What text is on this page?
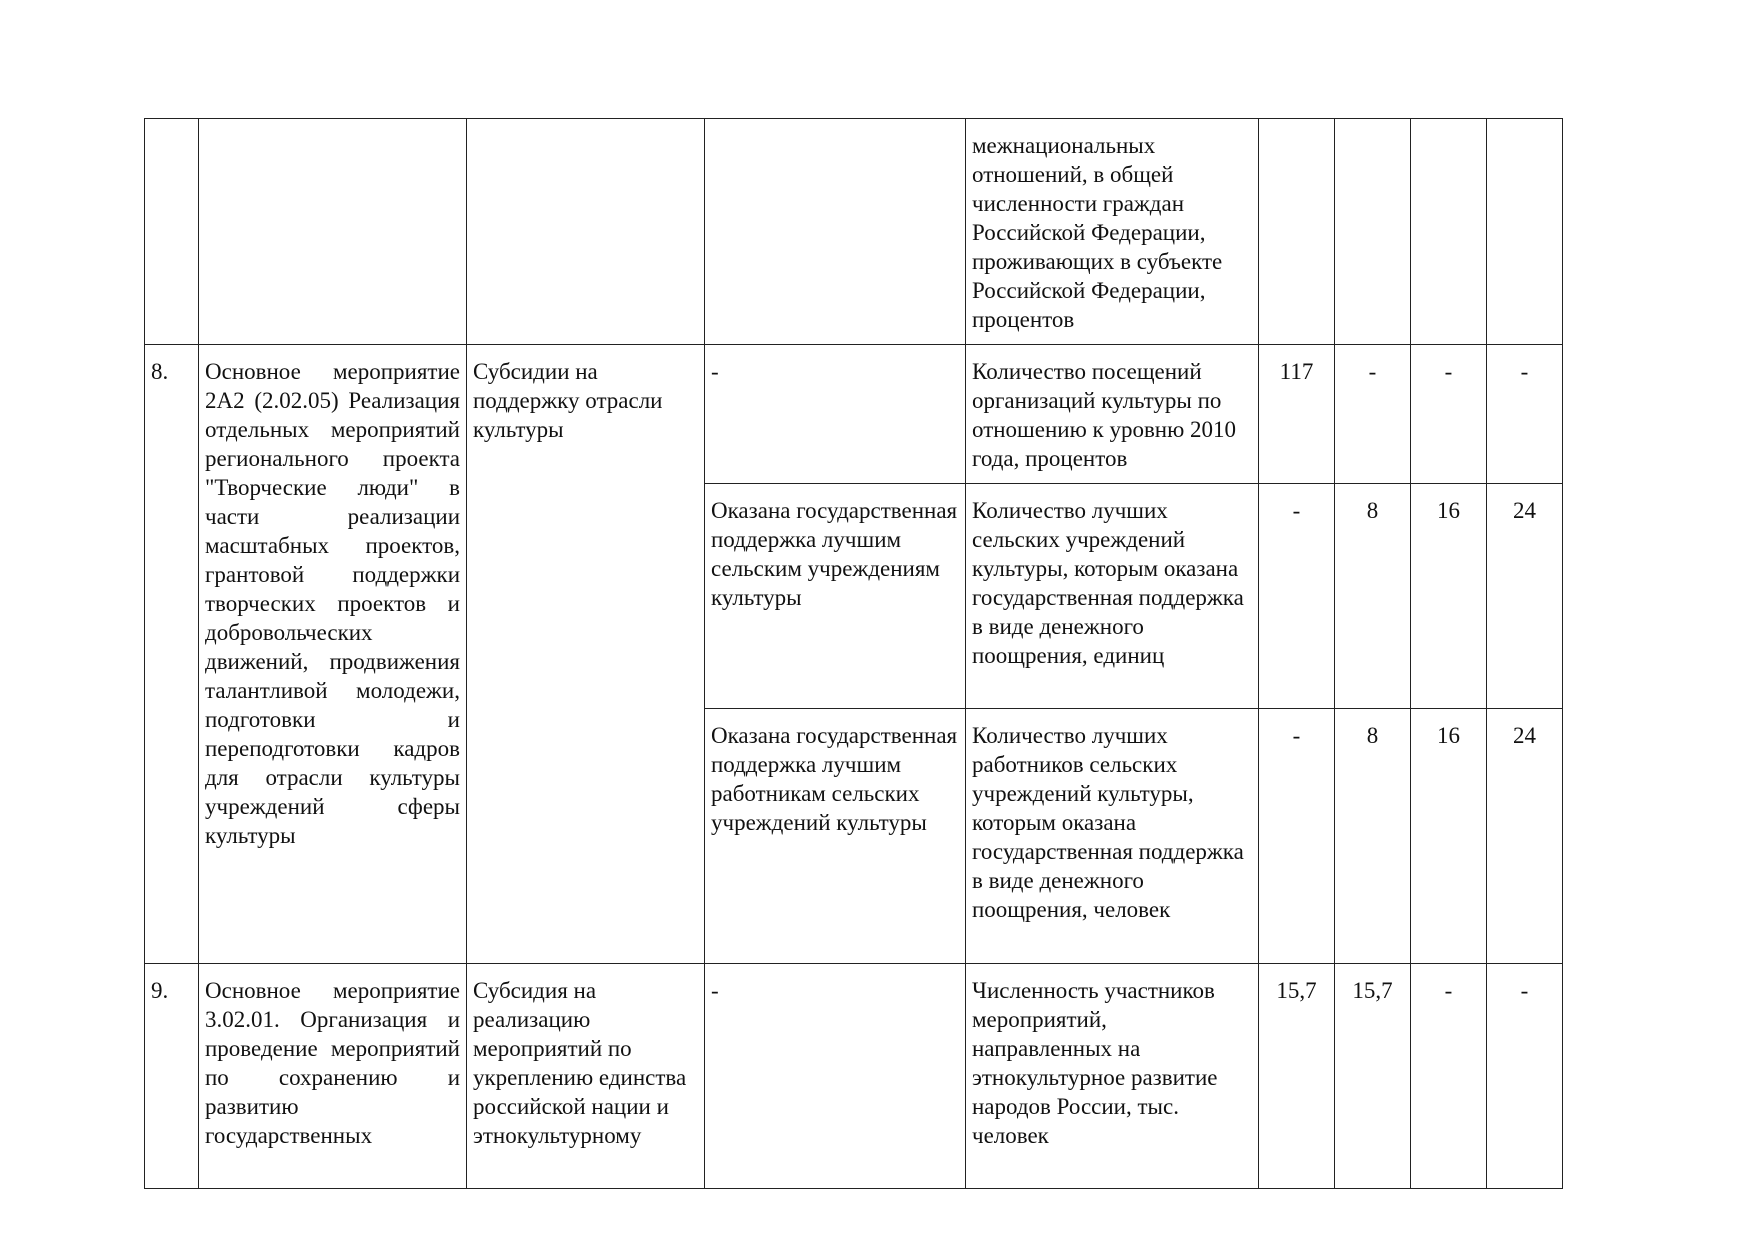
				межнациональных отношений, в общей численности граждан Российской Федерации, проживающих в субъекте Российской Федерации, процентов				
8.	Основное мероприятие 2А2 (2.02.05) Реализация отдельных мероприятий регионального проекта "Творческие люди" в части реализации масштабных проектов, грантовой поддержки творческих проектов и добровольческих движений, продвижения талантливой молодежи, подготовки и переподготовки кадров для отрасли культуры учреждений сферы культуры	Субсидии на поддержку отрасли культуры	-	Количество посещений организаций культуры по отношению к уровню 2010 года, процентов	117	-	-	-
			Оказана государственная поддержка лучшим сельским учреждениям культуры	Количество лучших сельских учреждений культуры, которым оказана государственная поддержка в виде денежного поощрения, единиц	-	8	16	24
			Оказана государственная поддержка лучшим работникам сельских учреждений культуры	Количество лучших работников сельских учреждений культуры, которым оказана государственная поддержка в виде денежного поощрения, человек	-	8	16	24
9.	Основное мероприятие 3.02.01. Организация и проведение мероприятий по сохранению и развитию государственных	Субсидия на реализацию мероприятий по укреплению единства российской нации и этнокультурному	-	Численность участников мероприятий, направленных на этнокультурное развитие народов России, тыс. человек	15,7	15,7	-	-
